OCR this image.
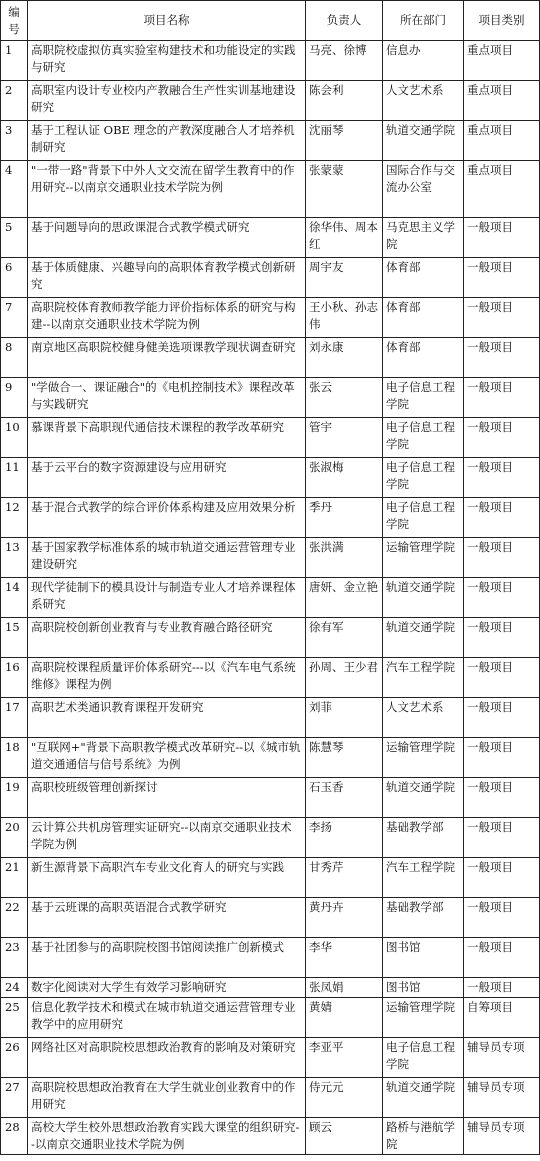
编号	项目名称	负责人	所在部门	项目类别
1	高职院校虚拟仿真实验室构建技术和功能设定的实践与研究	马亮、徐博	信息办	重点项目
2	高职室内设计专业校内产教融合生产性实训基地建设研究	陈会利	人文艺术系	重点项目
3	基于工程认证 OBE 理念的产教深度融合人才培养机制研究	沈丽琴	轨道交通学院	重点项目
4	"一带一路"背景下中外人文交流在留学生教育中的作用研究--以南京交通职业技术学院为例	张蒙蒙	国际合作与交流办公室	重点项目
5	基于问题导向的思政课混合式教学模式研究	徐华伟、周本红	马克思主义学院	一般项目
6	基于体质健康、兴趣导向的高职体育教学模式创新研究	周宇友	体育部	一般项目
7	高职院校体育教师教学能力评价指标体系的研究与构建--以南京交通职业技术学院为例	王小秋、孙志伟	体育部	一般项目
8	南京地区高职院校健身健美选项课教学现状调查研究	刘永康	体育部	一般项目
9	"学做合一、课证融合"的《电机控制技术》课程改革与实践研究	张云	电子信息工程学院	一般项目
10	慕课背景下高职现代通信技术课程的教学改革研究	管宇	电子信息工程学院	一般项目
11	基于云平台的数字资源建设与应用研究	张淑梅	电子信息工程学院	一般项目
12	基于混合式教学的综合评价体系构建及应用效果分析	季丹	电子信息工程学院	一般项目
13	基于国家教学标准体系的城市轨道交通运营管理专业建设研究	张洪满	运输管理学院	一般项目
14	现代学徒制下的模具设计与制造专业人才培养课程体系研究	唐妍、金立艳	轨道交通学院	一般项目
15	高职院校创新创业教育与专业教育融合路径研究	徐有军	轨道交通学院	一般项目
16	高职院校课程质量评价体系研究---以《汽车电气系统维修》课程为例	孙周、王少君	汽车工程学院	一般项目
17	高职艺术类通识教育课程开发研究	刘菲	人文艺术系	一般项目
18	"互联网+"背景下高职教学模式改革研究--以《城市轨道交通通信与信号系统》为例	陈慧琴	运输管理学院	一般项目
19	高职校班级管理创新探讨	石玉香	轨道交通学院	一般项目
20	云计算公共机房管理实证研究--以南京交通职业技术学院为例	李扬	基础教学部	一般项目
21	新生源背景下高职汽车专业文化育人的研究与实践	甘秀芹	汽车工程学院	一般项目
22	基于云班课的高职英语混合式教学研究	黄丹卉	基础教学部	一般项目
23	基于社团参与的高职院校图书馆阅读推广创新模式	李华	图书馆	一般项目
24	数字化阅读对大学生有效学习影响研究	张凤娟	图书馆	一般项目
25	信息化教学技术和模式在城市轨道交通运营管理专业教学中的应用研究	黄婧	运输管理学院	自筹项目
26	网络社区对高职院校思想政治教育的影响及对策研究	李亚平	电子信息工程学院	辅导员专项
27	高职院校思想政治教育在大学生就业创业教育中的作用研究	侍元元	轨道交通学院	辅导员专项
28	高校大学生校外思想政治教育实践大课堂的组织研究--以南京交通职业技术学院为例	顾云	路桥与港航学院	辅导员专项
